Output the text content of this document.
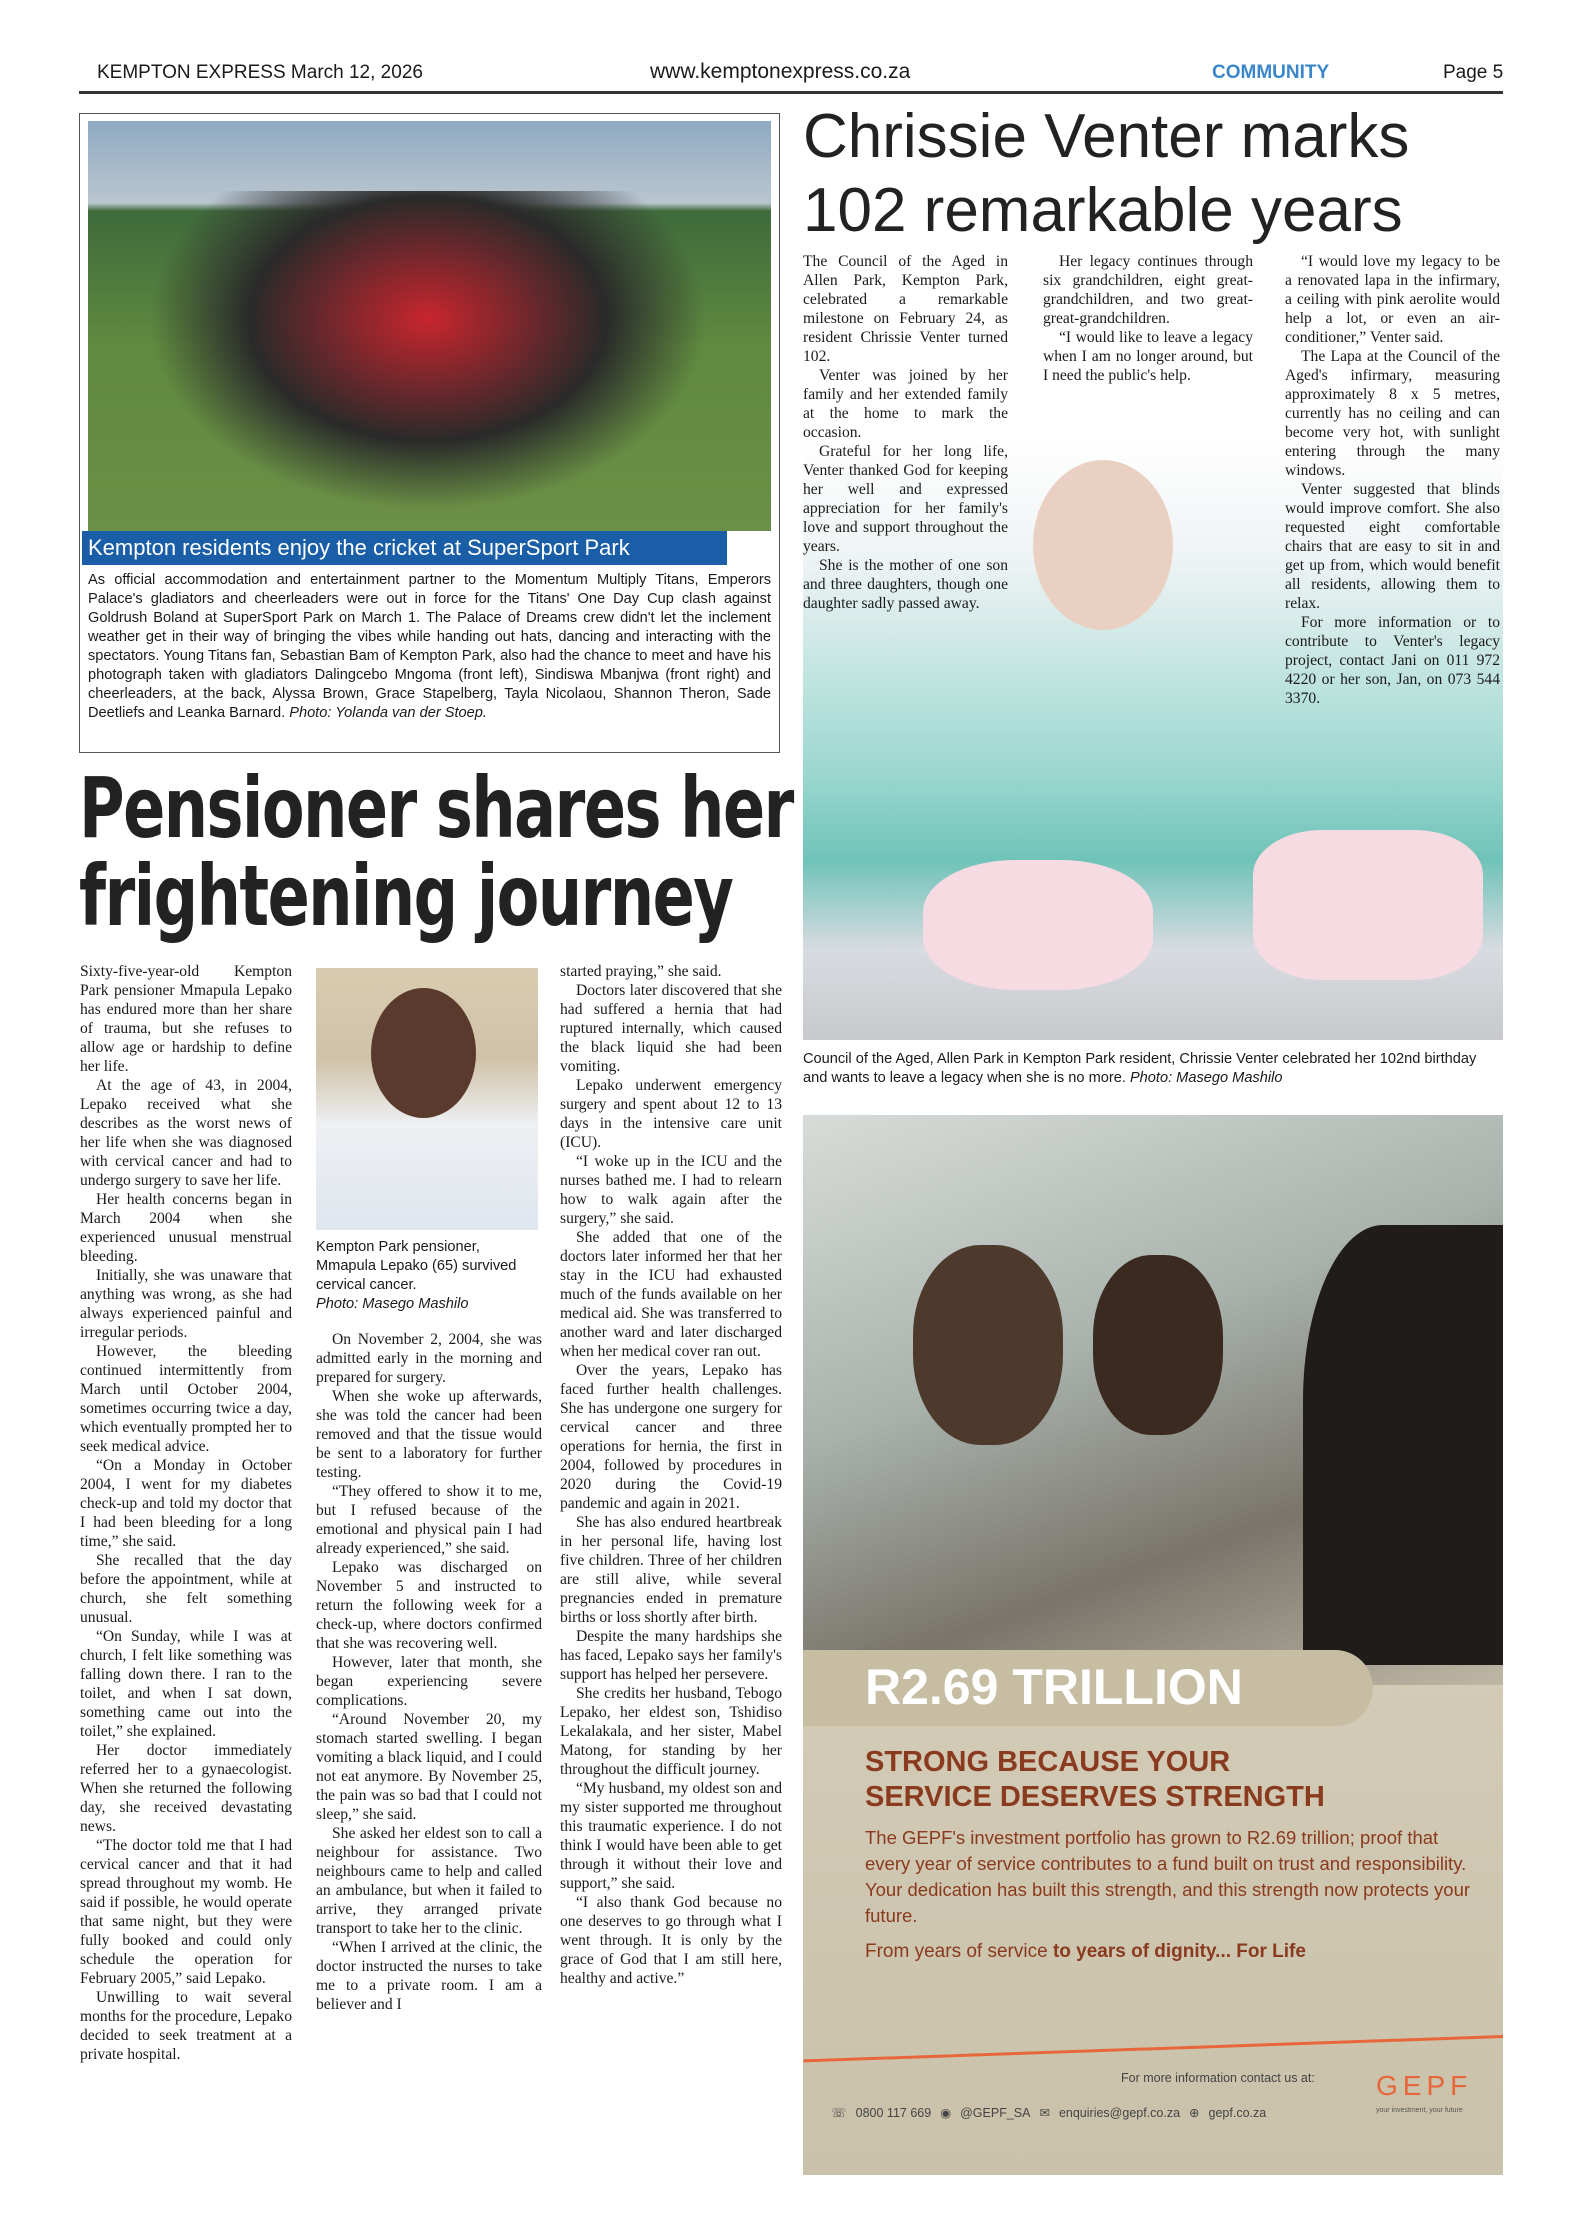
KEMPTON EXPRESS March 12, 2026	www.kemptonexpress.co.za	COMMUNITY	Page 5
Kempton residents enjoy the cricket at SuperSport Park
As official accommodation and entertainment partner to the Momentum Multiply Titans, Emperors Palace's gladiators and cheerleaders were out in force for the Titans' One Day Cup clash against Goldrush Boland at SuperSport Park on March 1. The Palace of Dreams crew didn't let the inclement weather get in their way of bringing the vibes while handing out hats, dancing and interacting with the spectators. Young Titans fan, Sebastian Bam of Kempton Park, also had the chance to meet and have his photograph taken with gladiators Dalingcebo Mngoma (front left), Sindiswa Mbanjwa (front right) and cheerleaders, at the back, Alyssa Brown, Grace Stapelberg, Tayla Nicolaou, Shannon Theron, Sade Deetliefs and Leanka Barnard. Photo: Yolanda van der Stoep.
Chrissie Venter marks
102 remarkable years

The Council of the Aged in Allen Park, Kempton Park, celebrated a remarkable milestone on February 24, as resident Chrissie Venter turned 102.

Venter was joined by her family and her extended family at the home to mark the occasion.

Grateful for her long life, Venter thanked God for keeping her well and expressed appreciation for her family's love and support throughout the years.

She is the mother of one son and three daughters, though one daughter sadly passed away.

Her legacy continues through six grandchildren, eight great-grandchildren, and two great-great-grandchildren.

“I would like to leave a legacy when I am no longer around, but I need the public's help.

“I would love my legacy to be a renovated lapa in the infirmary, a ceiling with pink aerolite would help a lot, or even an air-conditioner,” Venter said.

The Lapa at the Council of the Aged's infirmary, measuring approximately 8 x 5 metres, currently has no ceiling and can become very hot, with sunlight entering through the many windows.

Venter suggested that blinds would improve comfort. She also requested eight comfortable chairs that are easy to sit in and get up from, which would benefit all residents, allowing them to relax.

For more information or to contribute to Venter's legacy project, contact Jani on 011 972 4220 or her son, Jan, on 073 544 3370.

Council of the Aged, Allen Park in Kempton Park resident, Chrissie Venter celebrated her 102nd birthday and wants to leave a legacy when she is no more. Photo: Masego Mashilo
Pensioner shares her
frightening journey

Sixty-five-year-old Kempton Park pensioner Mmapula Lepako has endured more than her share of trauma, but she refuses to allow age or hardship to define her life.

At the age of 43, in 2004, Lepako received what she describes as the worst news of her life when she was diagnosed with cervical cancer and had to undergo surgery to save her life.

Her health concerns began in March 2004 when she experienced unusual menstrual bleeding.

Initially, she was unaware that anything was wrong, as she had always experienced painful and irregular periods.

However, the bleeding continued intermittently from March until October 2004, sometimes occurring twice a day, which eventually prompted her to seek medical advice.

“On a Monday in October 2004, I went for my diabetes check-up and told my doctor that I had been bleeding for a long time,” she said.

She recalled that the day before the appointment, while at church, she felt something unusual.

“On Sunday, while I was at church, I felt like something was falling down there. I ran to the toilet, and when I sat down, something came out into the toilet,” she explained.

Her doctor immediately referred her to a gynaecologist. When she returned the following day, she received devastating news.

“The doctor told me that I had cervical cancer and that it had spread throughout my womb. He said if possible, he would operate that same night, but they were fully booked and could only schedule the operation for February 2005,” said Lepako.

Unwilling to wait several months for the procedure, Lepako decided to seek treatment at a private hospital.

Kempton Park pensioner, Mmapula Lepako (65) survived cervical cancer.
Photo: Masego Mashilo

On November 2, 2004, she was admitted early in the morning and prepared for surgery.

When she woke up afterwards, she was told the cancer had been removed and that the tissue would be sent to a laboratory for further testing.

“They offered to show it to me, but I refused because of the emotional and physical pain I had already experienced,” she said.

Lepako was discharged on November 5 and instructed to return the following week for a check-up, where doctors confirmed that she was recovering well.

However, later that month, she began experiencing severe complications.

“Around November 20, my stomach started swelling. I began vomiting a black liquid, and I could not eat anymore. By November 25, the pain was so bad that I could not sleep,” she said.

She asked her eldest son to call a neighbour for assistance. Two neighbours came to help and called an ambulance, but when it failed to arrive, they arranged private transport to take her to the clinic.

“When I arrived at the clinic, the doctor instructed the nurses to take me to a private room. I am a believer and I

started praying,” she said.

Doctors later discovered that she had suffered a hernia that had ruptured internally, which caused the black liquid she had been vomiting.

Lepako underwent emergency surgery and spent about 12 to 13 days in the intensive care unit (ICU).

“I woke up in the ICU and the nurses bathed me. I had to relearn how to walk again after the surgery,” she said.

She added that one of the doctors later informed her that her stay in the ICU had exhausted much of the funds available on her medical aid. She was transferred to another ward and later discharged when her medical cover ran out.

Over the years, Lepako has faced further health challenges. She has undergone one surgery for cervical cancer and three operations for hernia, the first in 2004, followed by procedures in 2020 during the Covid-19 pandemic and again in 2021.

She has also endured heartbreak in her personal life, having lost five children. Three of her children are still alive, while several pregnancies ended in premature births or loss shortly after birth.

Despite the many hardships she has faced, Lepako says her family's support has helped her persevere.

She credits her husband, Tebogo Lepako, her eldest son, Tshidiso Lekalakala, and her sister, Mabel Matong, for standing by her throughout the difficult journey.

“My husband, my oldest son and my sister supported me throughout this traumatic experience. I do not think I would have been able to get through it without their love and support,” she said.

“I also thank God because no one deserves to go through what I went through. It is only by the grace of God that I am still here, healthy and active.”

R2.69 TRILLION
STRONG BECAUSE YOUR
SERVICE DESERVES STRENGTH
The GEPF's investment portfolio has grown to R2.69 trillion; proof that every year of service contributes to a fund built on trust and responsibility. Your dedication has built this strength, and this strength now protects your future.
From years of service to years of dignity... For Life
For more information contact us at:
☏ 0800 117 669 ◉ @GEPF_SA ✉ enquiries@gepf.co.za ⊕ gepf.co.za
GEPF
your investment, your future
